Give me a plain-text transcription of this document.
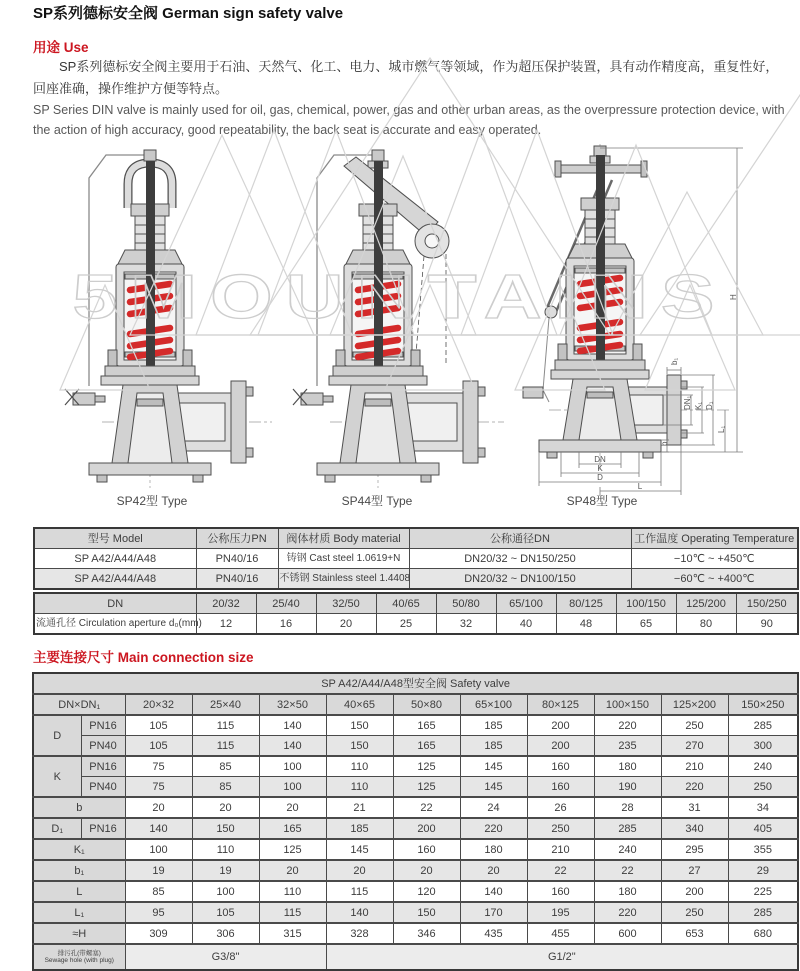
SP系列德标安全阀 German sign safety valve
用途 Use

SP系列德标安全阀主要用于石油、天然气、化工、电力、城市燃气等领域，作为超压保护装置，具有动作精度高，重复性好，回座准确，操作维护方便等特点。

SP Series DIN valve is mainly used for oil, gas, chemical, power, gas and other urban areas, as the overpressure protection device, with the action of high accuracy, good repeatability, the back seat is accurate and easy operated.

H
b₁
DN₁ K₁ D₁
L₁
DN
K
D
L
b
5MOUNTAINS
SP42型 Type	SP44型 Type	SP48型 Type
型号 Model	公称压力PN	阀体材质 Body material	公称通径DN	工作温度 Operating Temperature
SP A42/A44/A48	PN40/16	铸钢 Cast steel 1.0619+N	DN20/32 ~ DN150/250	−10℃ ~ +450℃
SP A42/A44/A48	PN40/16	不锈钢 Stainless steel 1.4408	DN20/32 ~ DN100/150	−60℃ ~ +400℃
DN	20/32	25/40	32/50	40/65	50/80	65/100	80/125	100/150	125/200	150/250
流通孔径 Circulation aperture d₀(mm)	12	16	20	25	32	40	48	65	80	90
主要连接尺寸 Main connection size
SP A42/A44/A48型安全阀 Safety valve											
DN×DN₁		20×32	25×40	32×50	40×65	50×80	65×100	80×125	100×150	125×200	150×250
D	PN16	105	115	140	150	165	185	200	220	250	285
	PN40	105	115	140	150	165	185	200	235	270	300
K	PN16	75	85	100	110	125	145	160	180	210	240
	PN40	75	85	100	110	125	145	160	190	220	250
b		20	20	20	21	22	24	26	28	31	34
D₁	PN16	140	150	165	185	200	220	250	285	340	405
K₁		100	110	125	145	160	180	210	240	295	355
b₁		19	19	20	20	20	20	22	22	27	29
L		85	100	110	115	120	140	160	180	200	225
L₁		95	105	115	140	150	170	195	220	250	285
≈H		309	306	315	328	346	435	455	600	653	680

排污孔(带螺塞)
Sewage hole (with plug)		G3/8"			G1/2"						
